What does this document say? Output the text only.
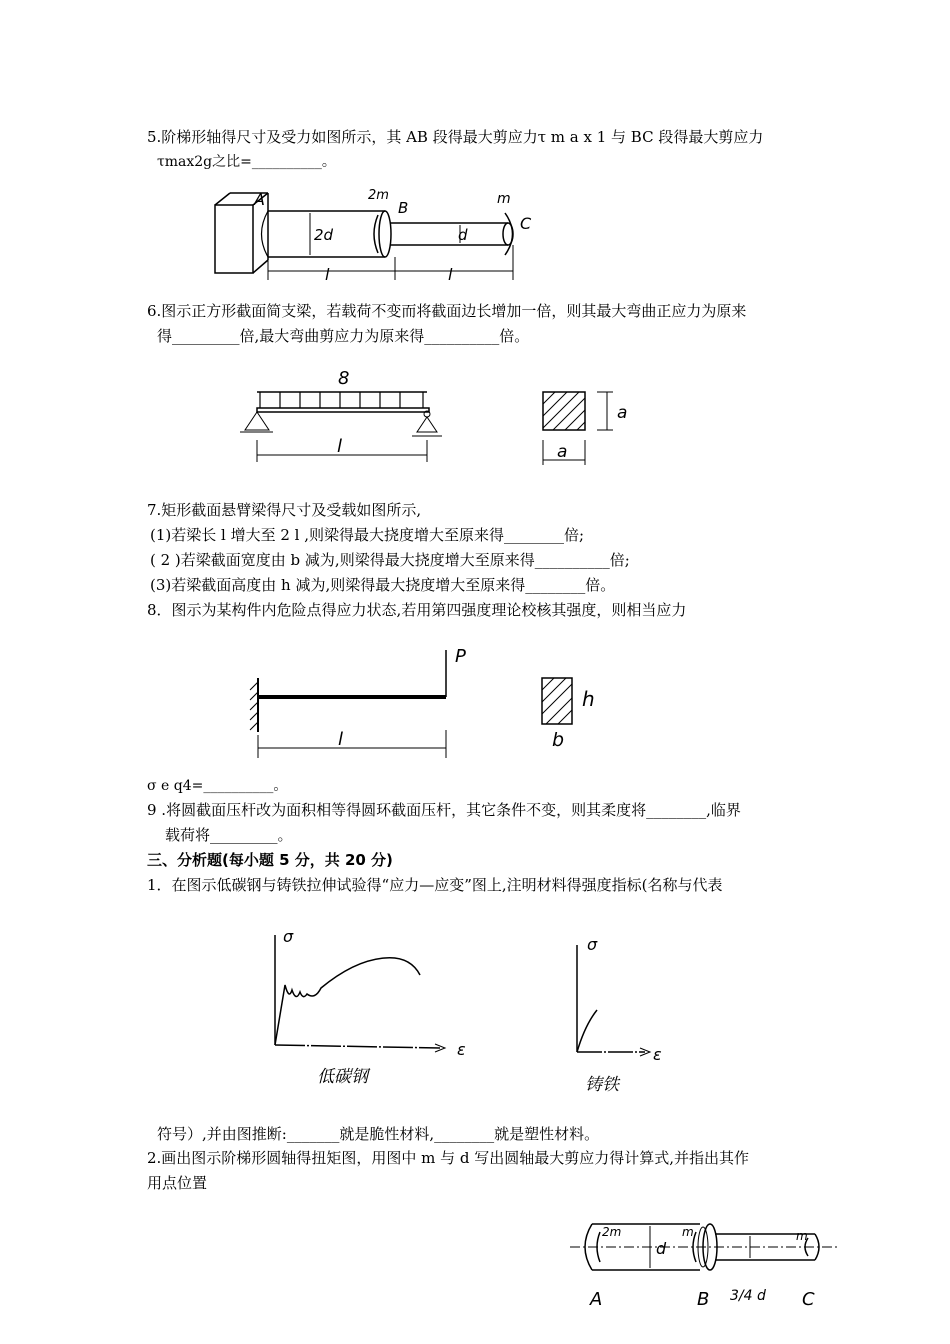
5.阶梯形轴得尺寸及受力如图所示，其 AB 段得最大剪应力τ m a x 1 与 BC 段得最大剪应力
τmax2g之比=__________。
A	B
C
2m	m
2d	d
l	l
6.图示正方形截面简支梁，若载荷不变而将截面边长增加一倍，则其最大弯曲正应力为原来
得_________倍,最大弯曲剪应力为原来得__________倍。
8
l
a
a
7.矩形截面悬臂梁得尺寸及受载如图所示,
(1)若梁长 l 增大至 2 l ,则梁得最大挠度增大至原来得________倍;
( 2 )若梁截面宽度由 b 减为,则梁得最大挠度增大至原来得__________倍;
(3)若梁截面高度由 h 减为,则梁得最大挠度增大至原来得________倍。
8．图示为某构件内危险点得应力状态,若用第四强度理论校核其强度，则相当应力
P
l
h
b
σ e q4=__________。
9 .将圆截面压杆改为面积相等得圆环截面压杆，其它条件不变，则其柔度将________,临界
载荷将_________。
三、分析题(每小题 5 分，共 20 分)
1．在图示低碳钢与铸铁拉伸试验得“应力—应变”图上,注明材料得强度指标(名称与代表
σ
ε
低碳钢
σ
ε
铸铁
符号）,并由图推断:_______就是脆性材料,________就是塑性材料。
2.画出图示阶梯形圆轴得扭矩图，用图中 m 与 d 写出圆轴最大剪应力得计算式,并指出其作
用点位置
2m	m	m
d
A	B 3/4 d C
